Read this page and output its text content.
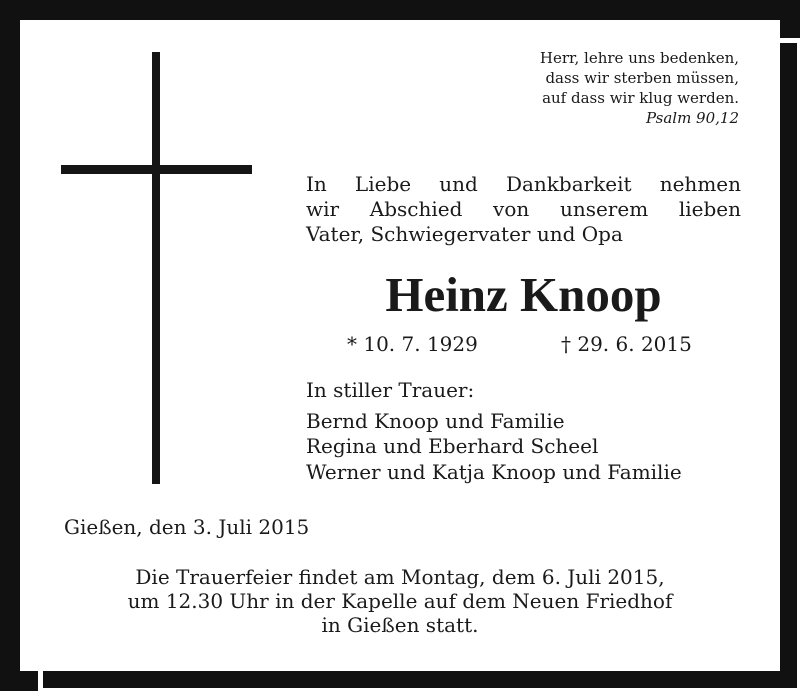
Herr, lehre uns bedenken,
dass wir sterben müssen,
auf dass wir klug werden.
Psalm 90,12
In Liebe und Dankbarkeit nehmen
wir Abschied von unserem lieben
Vater, Schwiegervater und Opa
Heinz Knoop
* 10. 7. 1929	† 29. 6. 2015
In stiller Trauer:
Bernd Knoop und Familie
Regina und Eberhard Scheel
Werner und Katja Knoop und Familie
Gießen, den 3. Juli 2015
Die Trauerfeier findet am Montag, dem 6. Juli 2015,
um 12.30 Uhr in der Kapelle auf dem Neuen Friedhof
in Gießen statt.
